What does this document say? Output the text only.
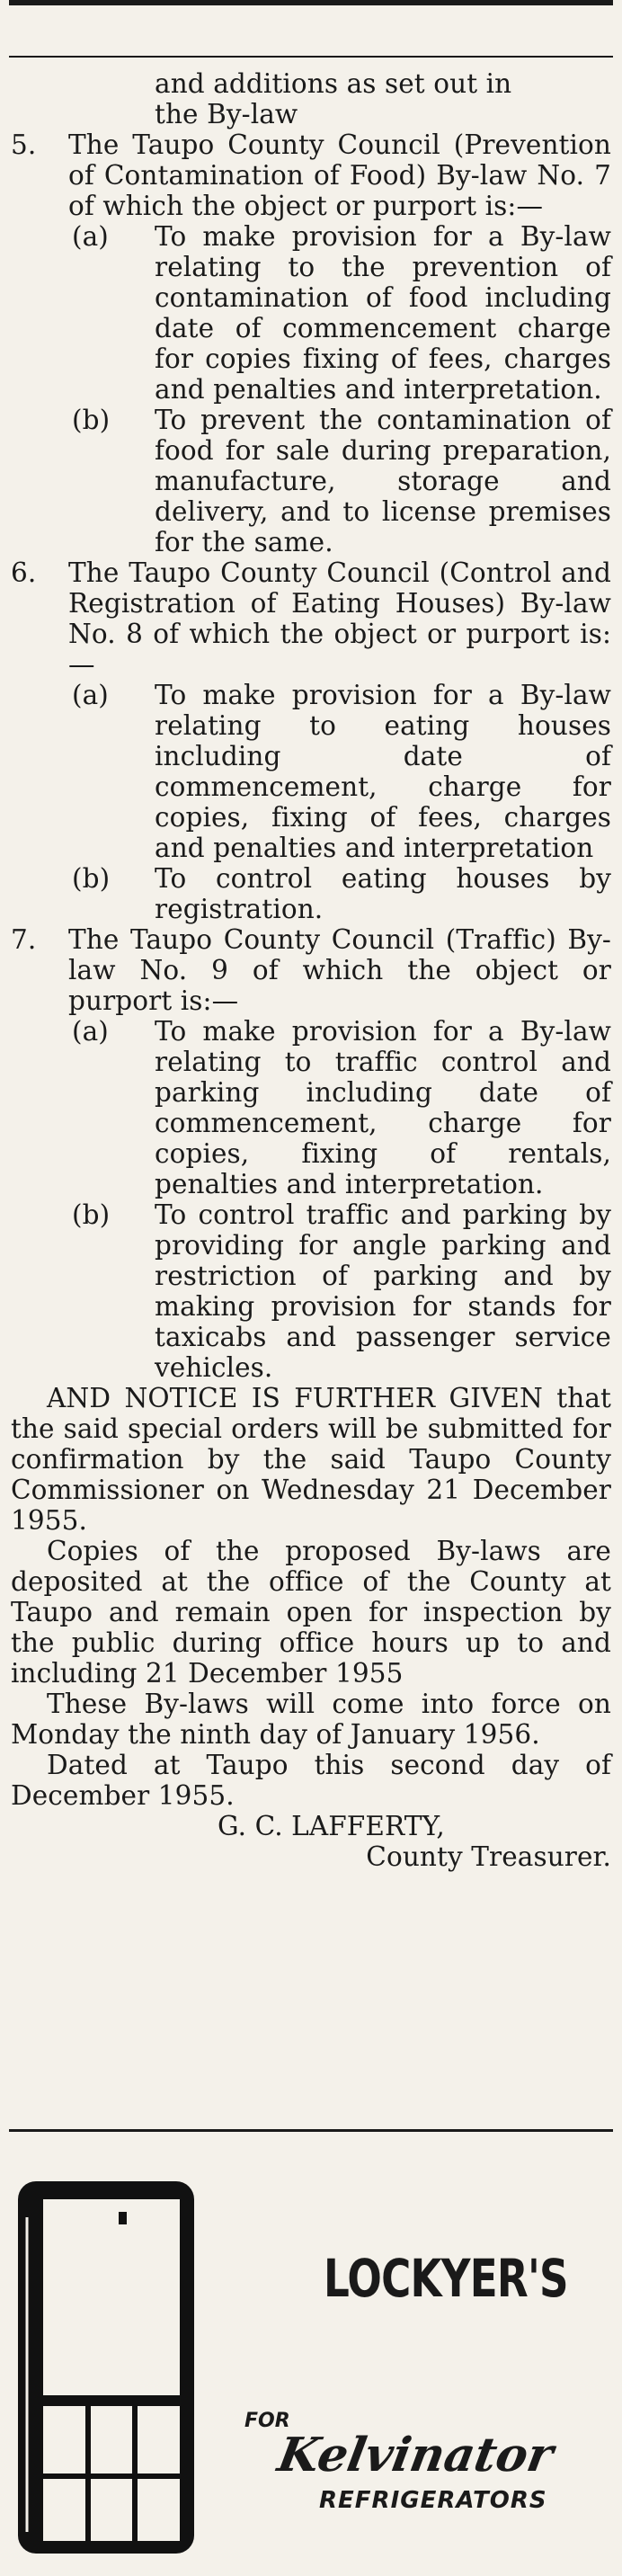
and additions as set out in
the By-law
5. The Taupo County Council (Prevention of Contamination of Food) By-law No. 7 of which the object or purport is:—
(a) To make provision for a By-law relating to the prevention of contamination of food including date of commencement charge for copies fixing of fees, charges and penalties and interpretation.
(b) To prevent the contamination of food for sale during preparation, manufacture, storage and delivery, and to license premises for the same.
6. The Taupo County Council (Control and Registration of Eating Houses) By-law No. 8 of which the object or purport is:—
(a) To make provision for a By-law relating to eating houses including date of commencement, charge for copies, fixing of fees, charges and penalties and interpretation
(b) To control eating houses by registration.
7. The Taupo County Council (Traffic) By-law No. 9 of which the object or purport is:—
(a) To make provision for a By-law relating to traffic control and parking including date of commencement, charge for copies, fixing of rentals, penalties and interpretation.
(b) To control traffic and parking by providing for angle parking and restriction of parking and by making provision for stands for taxicabs and passenger service vehicles.

AND NOTICE IS FURTHER GIVEN that the said special orders will be submitted for confirmation by the said Taupo County Commissioner on Wednesday 21 December 1955.

Copies of the proposed By-laws are deposited at the office of the County at Taupo and remain open for inspection by the public during office hours up to and including 21 December 1955

These By-laws will come into force on Monday the ninth day of January 1956.

Dated at Taupo this second day of December 1955.

G. C. LAFFERTY,
County Treasurer.
LOCKYER'S
FOR
Kelvinator
REFRIGERATORS
